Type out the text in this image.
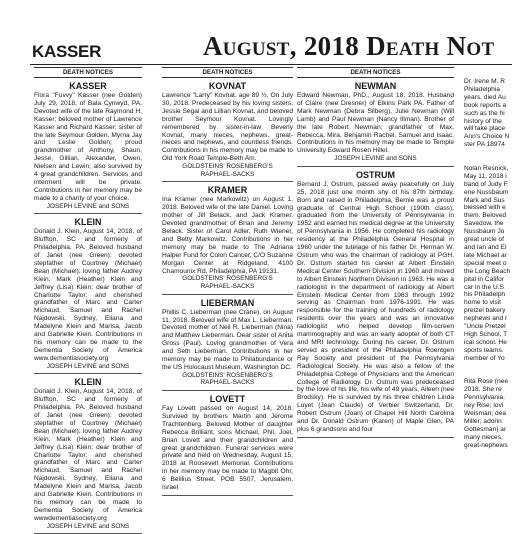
KASSER	August, 2018 Death Not
DEATH NOTICES
KASSER
Flora "Fuvvy" Kasser (nee Golden) July 29, 2018, of Bala Cynwyd, PA. Devoted wife of the late Raymond H. Kasser; beloved mother of Lawrence Kasser and Richard Kasser; sister of the late Seymour Golden, Myrna Jay and Leslie Golden; proud grandmother of Anthony, Shaun, Jesse, Gillian, Alexander, Owen, Nielsen and Lewin; also survived by 4 great grandchildren. Services and interment will be private. Contributions in her memory may be made to a charity of your choice.
JOSEPH LEVINE and SONS
KLEIN
Donald J. Klein, August 14, 2018, of Bluffton, SC and formerly of Philadelphia, PA. Beloved husband of Janet (nee Green); devoted stepfather of Courtney (Michael) Bean (Michael); loving father Audrey Klein, Mark (Heather) Klein and Jeffrey (Lisa) Klein; dear brother of Charlotte Taylor; and cherished grandfather of Marc and Carter Michaud, Samuel and Rachel Najdowski, Sydney, Eliana and Madelyne Klein and Marisa, Jacob and Gabrielle Klein. Contributions in his memory can be made to the Dementia Society of America www.dementiasociety.org
JOSEPH LEVINE and SONS
KLEIN
Donald J. Klein, August 14, 2018, of Bluffton, SC and formerly of Philadelphia, PA. Beloved husband of Janet (nee Green); devoted stepfather of Courtney (Michael) Bean (Michael); loving father Audrey Klein, Mark (Heather) Klein and Jeffrey (Lisa) Klein; dear brother of Charlotte Taylor; and cherished grandfather of Marc and Carter Michaud, Samuel and Rachel Najdowski, Sydney, Eliana and Madelyne Klein and Marisa, Jacob and Gabrielle Klein. Contributions in his memory can be made to Dementia Society of America wwwdementiasociety.org
JOSEPH LEVINE and SONS
DEATH NOTICES
KOVNAT
Lawrence "Larry" Kovnat, age 89 ½, On July 30, 2018. Predeceased by his loving sisters, Jessie Segal and Lillian Kovnat, and beloved brother Seymour Kovnat. Lovingly remembered by sister-in-law Beverly Kovnat, many nieces, nephews, great-nieces and nephews, and countless friends. Contributions in his memory may be made to Old York Road Temple-Beth Am.
GOLDSTEINS' ROSENBERG'S
RAPHAEL-SACKS
KRAMER
Ina Kramer (nee Markowitz) on August 1, 2018. Beloved wife of the late Daniel. Loving mother of Jill Belack, and Jack Kramer. Devoted grandmother of Brian and Jeremy Belack. Sister of Carol Adler, Ruth Wiener, and Betty Markowitz. Contributions in her memory may be made to The Adriana Halper Fund for Colon Cancer, C/O Suzanne Morgan Center at Ridgeland, 4100 Chamounix Rd, Philadelphia, PA 19131.
GOLDSTEINS' ROSENBERG'S
RAPHAEL-SACKS
LIEBERMAN
Phillis C. Lieberman (nee Crane), on August 11, 2018. Beloved wife of Max L. Lieberman. Devoted mother of Neil R. Lieberman (Nina) and Matthew Lieberman. Dear sister of Anita Gross (Paul). Loving grandmother of Vera and Seth Lieberman. Contributions in her memory may be made to Philabundance or the US Holocaust Museum, Washington DC.
GOLDSTEINS' ROSENBERG'S
RAPHAEL-SACKS
LOVETT
Fay Lovett passed on August 14, 2018. Survived by brothers Martin and Jerome Trachtenberg. Beloved Mother of daughter Rebecca Brilliant, sons Michael, Phil, Joel, Brian Lovett and their grandchildren and great grandchildren. Funeral services were private and held on Wednesday, August 15, 2018 at Roosevelt Memorial. Contributions in her memory may be made to Magbit Ohr, 6 Beillius Street, POB 5507, Jerusalem, Israel
DEATH NOTICES
NEWMAN
Edward Newman, PhD., August 18, 2018. Husband of Claire (nee Dresner) of Elkins Park PA. Father of Mark Newman (Debra Silberg), Julie Newman (Will Lamb) and Paul Newman (Nancy Illman). Brother of the late Robert Newman; grandfather of Max, Rebecca, Mira, Benjamin Rachel, Samuel and Isaac. Contributions in his memory may be made to Temple University Edward Rosen Hillel.
JOSEPH LEVINE and SONS
OSTRUM
Bernard J. Ostrum, passed away peacefully on July 25, 2018 just one month shy of his 87th birthday. Born and raised in Philadelphia, Bernie was a proud graduate of Central High School (190th class), graduated from the University of Pennsylvania in 1952 and earned his medical degree at the University of Pennsylvania in 1956. He completed his radiology residency at the Philadelphia General Hospital in 1960 under the tutelage of his father Dr. Herman W. Ostrum who was the chairman of radiology at PGH. Dr. Ostrum started his career at Albert Einstein Medical Center Southern Division in 1960 and moved to Albert Einstein Northern Division in 1963. He was a radiologist in the department of radiology at Albert Einstein Medical Center from 1963 through 1992 serving as Chairman from 1976-1991. He was responsible for the training of hundreds of radiology residents over the years and was an innovative radiologist who helped develop film-screen mammography and was an early adopter of both CT and MRI technology. During his career, Dr. Ostrum served as president of the Philadelphia Roentgen Ray Society and president of the Pennsylvania Radiological Society. He was also a fellow of the Philadelphia College of Physicians and the American College of Radiology. Dr. Ostrum was predeceased by the love of his life, his wife of 49 years, Aileen (nee Brodsky). He is survived by his three children Linda Luyet (Jean Claude) of Verbier Switzerland, Dr. Robert Ostrum (Joan) of Chapel Hill North Carolina and Dr. Donald Ostrum (Karen) of Maple Glen, PA plus 6 grandsons and four
Dr. Irene M. R
Philadelphia
years, died Au
book reports a
such as the hi
history of the
will take place
Ann's Choice N
ster PA 18974
Nolan Resnick,
May 11, 2018 i
band of Judy F
ene Nussbaum
Mark and Sus
blessed with e
them. Beloved
Savedow, the
Nussbaum Jo
great uncle of
and Ian and El
late Michael ar
special meet o
the Long Beach
pital in Califor
car in the U.S
his Philadelph
home to visit
pretzel bakery
nephews and r
"Uncle Pretzel
High School, T
ical school. He
sports teams.
member of Yo
Rita Rose (nee
2018. She re
Pennsylvania.
ney Rise; lovi
Weisman; dea
Miller; adorin
Gottesman) ar
many nieces,
great-nephews
